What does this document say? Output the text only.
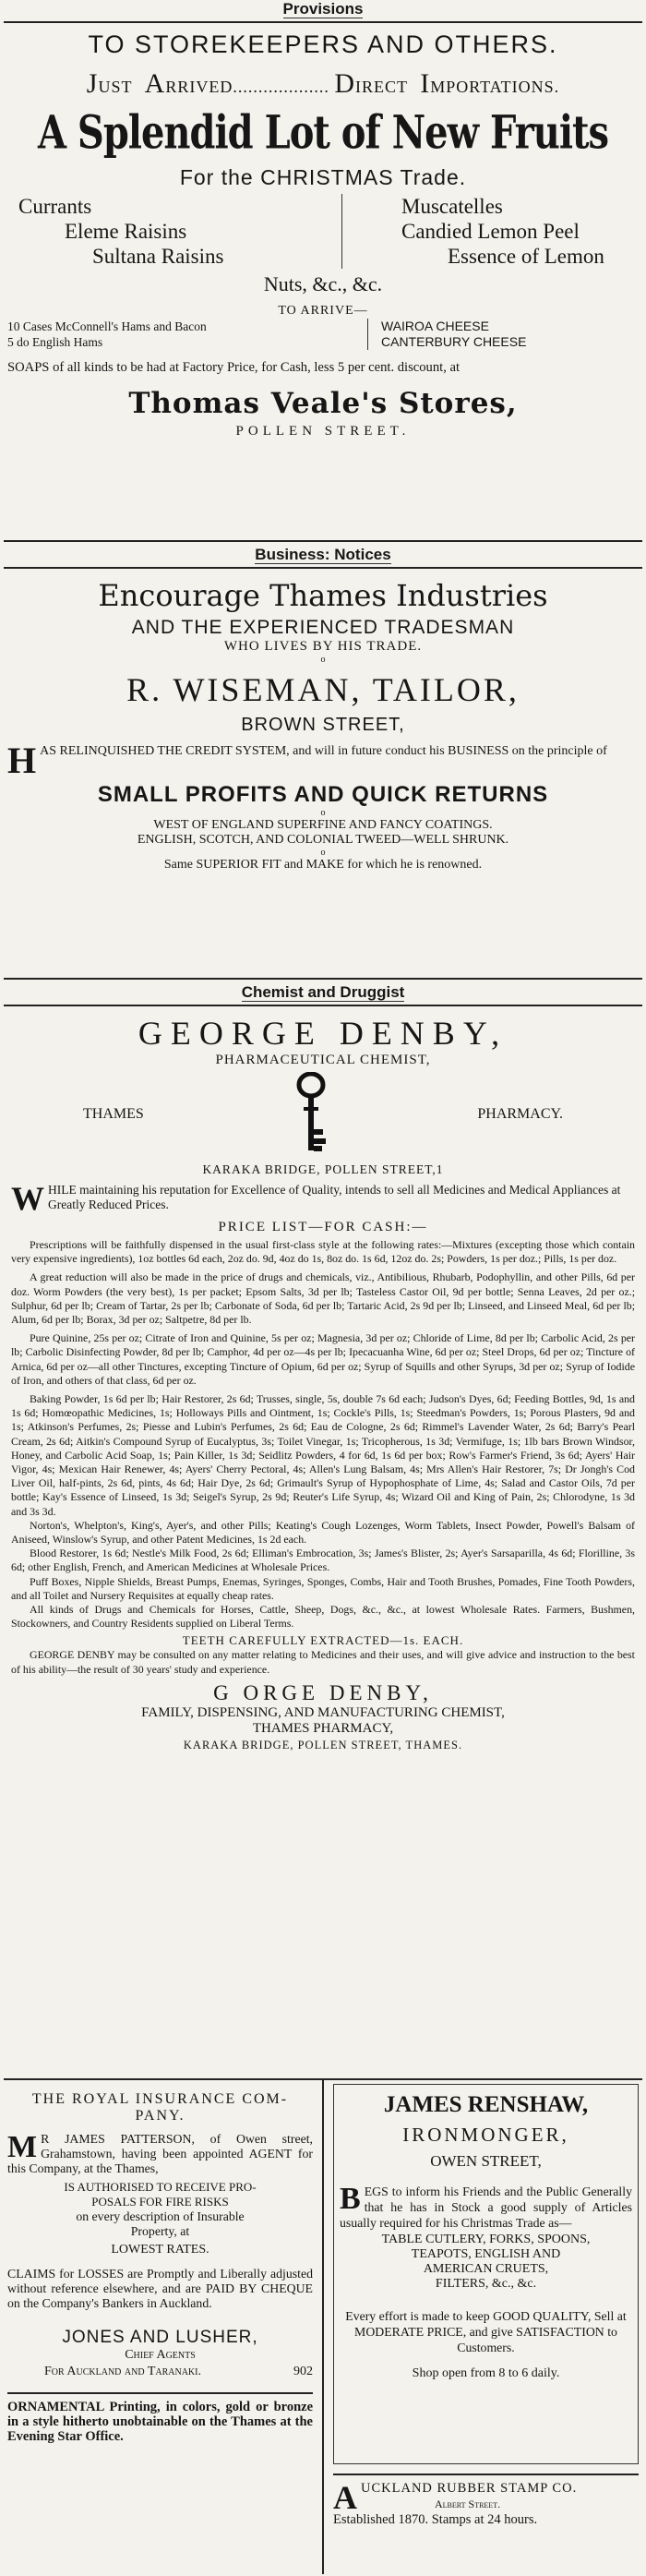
Provisions
TO STOREKEEPERS AND OTHERS.
JUST ARRIVED................... DIRECT IMPORTATIONS.
A Splendid Lot of New Fruits
For the CHRISTMAS Trade.
Currants
Eleme Raisins
Sultana Raisins
Muscatelles
Candied Lemon Peel
Essence of Lemon
Nuts, &c., &c.
TO ARRIVE—
10 Cases McConnell's Hams and Bacon
5 do English Hams
WAIROA CHEESE
CANTERBURY CHEESE
SOAPS of all kinds to be had at Factory Price, for Cash, less 5 per cent. discount, at
Thomas Veale's Stores,
POLLEN STREET.
Business: Notices
Encourage Thames Industries
AND THE EXPERIENCED TRADESMAN
WHO LIVES BY HIS TRADE.
o
R. WISEMAN, TAILOR,
BROWN STREET,
HAS RELINQUISHED THE CREDIT SYSTEM, and will in future conduct his BUSINESS on the principle of
SMALL PROFITS AND QUICK RETURNS
o
WEST OF ENGLAND SUPERFINE AND FANCY COATINGS.
ENGLISH, SCOTCH, AND COLONIAL TWEED—WELL SHRUNK.
o
Same SUPERIOR FIT and MAKE for which he is renowned.
Chemist and Druggist
GEORGE DENBY,
PHARMACEUTICAL CHEMIST,
THAMES	PHARMACY.
KARAKA BRIDGE, POLLEN STREET,1
WHILE maintaining his reputation for Excellence of Quality, intends to sell all Medicines and Medical Appliances at Greatly Reduced Prices.
PRICE LIST—FOR CASH:—

Prescriptions will be faithfully dispensed in the usual first-class style at the following rates:—Mixtures (excepting those which contain very expensive ingredients), 1oz bottles 6d each, 2oz do. 9d, 4oz do 1s, 8oz do. 1s 6d, 12oz do. 2s; Powders, 1s per doz.; Pills, 1s per doz.

A great reduction will also be made in the price of drugs and chemicals, viz., Antibilious, Rhubarb, Podophyllin, and other Pills, 6d per doz. Worm Powders (the very best), 1s per packet; Epsom Salts, 3d per lb; Tasteless Castor Oil, 9d per bottle; Senna Leaves, 2d per oz.; Sulphur, 6d per lb; Cream of Tartar, 2s per lb; Carbonate of Soda, 6d per lb; Tartaric Acid, 2s 9d per lb; Linseed, and Linseed Meal, 6d per lb; Alum, 6d per lb; Borax, 3d per oz; Saltpetre, 8d per lb.

Pure Quinine, 25s per oz; Citrate of Iron and Quinine, 5s per oz; Magnesia, 3d per oz; Chloride of Lime, 8d per lb; Carbolic Acid, 2s per lb; Carbolic Disinfecting Powder, 8d per lb; Camphor, 4d per oz—4s per lb; Ipecacuanha Wine, 6d per oz; Steel Drops, 6d per oz; Tincture of Arnica, 6d per oz—all other Tinctures, excepting Tincture of Opium, 6d per oz; Syrup of Squills and other Syrups, 3d per oz; Syrup of Iodide of Iron, and others of that class, 6d per oz.

Baking Powder, 1s 6d per lb; Hair Restorer, 2s 6d; Trusses, single, 5s, double 7s 6d each; Judson's Dyes, 6d; Feeding Bottles, 9d, 1s and 1s 6d; Homœopathic Medicines, 1s; Holloways Pills and Ointment, 1s; Cockle's Pills, 1s; Steedman's Powders, 1s; Porous Plasters, 9d and 1s; Atkinson's Perfumes, 2s; Piesse and Lubin's Perfumes, 2s 6d; Eau de Cologne, 2s 6d; Rimmel's Lavender Water, 2s 6d; Barry's Pearl Cream, 2s 6d; Aitkin's Compound Syrup of Eucalyptus, 3s; Toilet Vinegar, 1s; Tricopherous, 1s 3d; Vermifuge, 1s; 1lb bars Brown Windsor, Honey, and Carbolic Acid Soap, 1s; Pain Killer, 1s 3d; Seidlitz Powders, 4 for 6d, 1s 6d per box; Row's Farmer's Friend, 3s 6d; Ayers' Hair Vigor, 4s; Mexican Hair Renewer, 4s; Ayers' Cherry Pectoral, 4s; Allen's Lung Balsam, 4s; Mrs Allen's Hair Restorer, 7s; Dr Jongh's Cod Liver Oil, half-pints, 2s 6d, pints, 4s 6d; Hair Dye, 2s 6d; Grimault's Syrup of Hypophosphate of Lime, 4s; Salad and Castor Oils, 7d per bottle; Kay's Essence of Linseed, 1s 3d; Seigel's Syrup, 2s 9d; Reuter's Life Syrup, 4s; Wizard Oil and King of Pain, 2s; Chlorodyne, 1s 3d and 3s 3d.

Norton's, Whelpton's, King's, Ayer's, and other Pills; Keating's Cough Lozenges, Worm Tablets, Insect Powder, Powell's Balsam of Aniseed, Winslow's Syrup, and other Patent Medicines, 1s 2d each.

Blood Restorer, 1s 6d; Nestle's Milk Food, 2s 6d; Elliman's Embrocation, 3s; James's Blister, 2s; Ayer's Sarsaparilla, 4s 6d; Florilline, 3s 6d; other English, French, and American Medicines at Wholesale Prices.

Puff Boxes, Nipple Shields, Breast Pumps, Enemas, Syringes, Sponges, Combs, Hair and Tooth Brushes, Pomades, Fine Tooth Powders, and all Toilet and Nursery Requisites at equally cheap rates.

All kinds of Drugs and Chemicals for Horses, Cattle, Sheep, Dogs, &c., &c., at lowest Wholesale Rates. Farmers, Bushmen, Stockowners, and Country Residents supplied on Liberal Terms.

TEETH CAREFULLY EXTRACTED—1s. EACH.

GEORGE DENBY may be consulted on any matter relating to Medicines and their uses, and will give advice and instruction to the best of his ability—the result of 30 years' study and experience.

G ORGE DENBY,
FAMILY, DISPENSING, AND MANUFACTURING CHEMIST,
THAMES PHARMACY,
KARAKA BRIDGE, POLLEN STREET, THAMES.
THE ROYAL INSURANCE COM-
PANY.
M R JAMES PATTERSON, of Owen street, Grahamstown, having been appointed AGENT for this Company, at the Thames,
IS AUTHORISED TO RECEIVE PRO-
POSALS FOR FIRE RISKS
on every description of Insurable
Property, at
LOWEST RATES.
CLAIMS for LOSSES are Promptly and Liberally adjusted without reference elsewhere, and are PAID BY CHEQUE on the Company's Bankers in Auckland.
JONES AND LUSHER,
Chief Agents
For Auckland and Taranaki.	902
ORNAMENTAL Printing, in colors, gold or bronze in a style hitherto unobtainable on the Thames at the Evening Star Office.
JAMES RENSHAW,
IRONMONGER,
OWEN STREET,
BEGS to inform his Friends and the Public Generally that he has in Stock a good supply of Articles usually required for his Christmas Trade as—
TABLE CUTLERY, FORKS, SPOONS,
TEAPOTS, ENGLISH AND
AMERICAN CRUETS,
FILTERS, &c., &c.
Every effort is made to keep GOOD QUALITY, Sell at MODERATE PRICE, and give SATISFACTION to Customers.
Shop open from 8 to 6 daily.
AUCKLAND RUBBER STAMP CO.
Albert Street.
Established 1870. Stamps at 24 hours.
